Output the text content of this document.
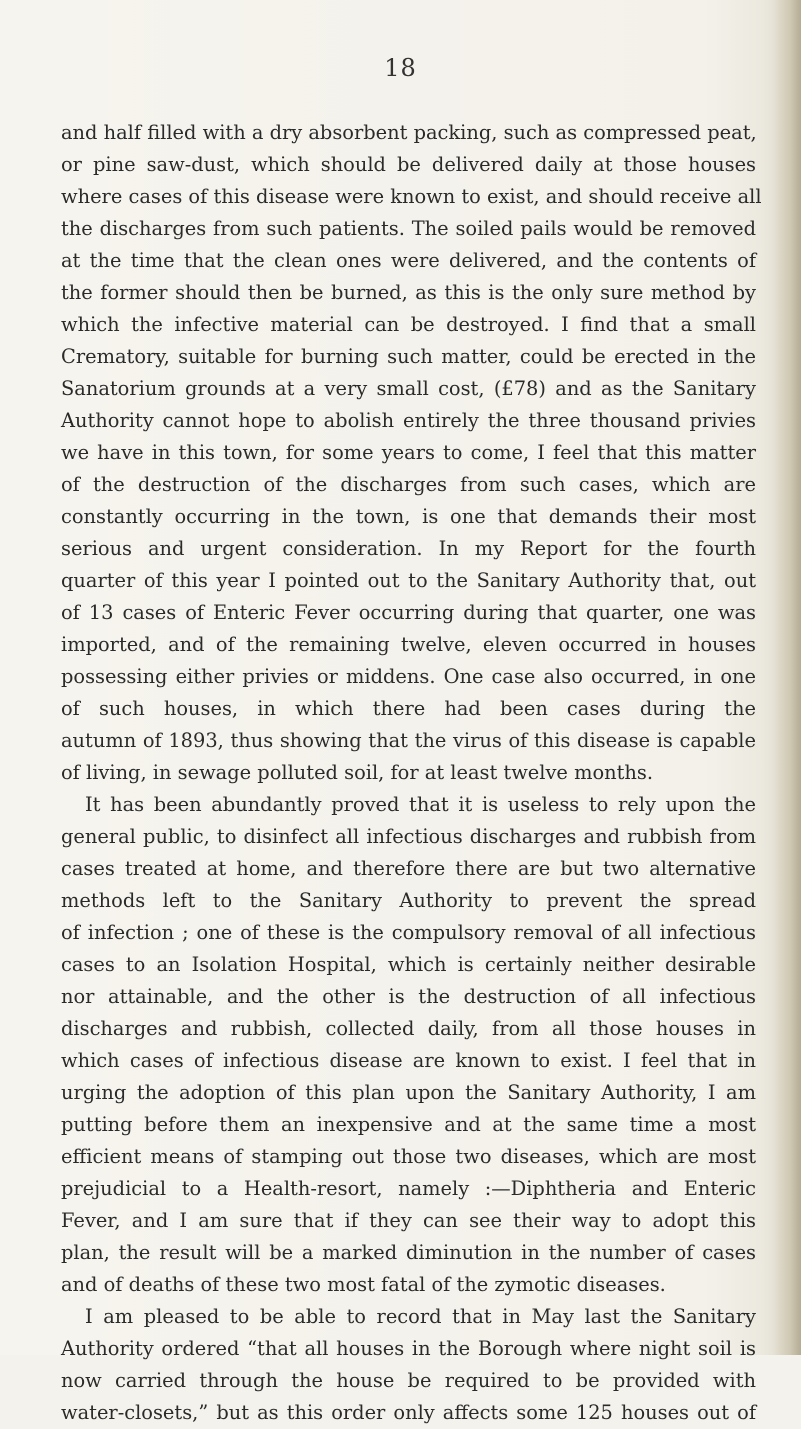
18
and half filled with a dry absorbent packing, such as compressed peat,
or pine saw-dust, which should be delivered daily at those houses
where cases of this disease were known to exist, and should receive all
the discharges from such patients. The soiled pails would be removed
at the time that the clean ones were delivered, and the contents of
the former should then be burned, as this is the only sure method by
which the infective material can be destroyed. I find that a small
Crematory, suitable for burning such matter, could be erected in the
Sanatorium grounds at a very small cost, (£78) and as the Sanitary
Authority cannot hope to abolish entirely the three thousand privies
we have in this town, for some years to come, I feel that this matter
of the destruction of the discharges from such cases, which are
constantly occurring in the town, is one that demands their most
serious and urgent consideration. In my Report for the fourth
quarter of this year I pointed out to the Sanitary Authority that, out
of 13 cases of Enteric Fever occurring during that quarter, one was
imported, and of the remaining twelve, eleven occurred in houses
possessing either privies or middens. One case also occurred, in one
of such houses, in which there had been cases during the
autumn of 1893, thus showing that the virus of this disease is capable
of living, in sewage polluted soil, for at least twelve months.
It has been abundantly proved that it is useless to rely upon the
general public, to disinfect all infectious discharges and rubbish from
cases treated at home, and therefore there are but two alternative
methods left to the Sanitary Authority to prevent the spread
of infection ; one of these is the compulsory removal of all infectious
cases to an Isolation Hospital, which is certainly neither desirable
nor attainable, and the other is the destruction of all infectious
discharges and rubbish, collected daily, from all those houses in
which cases of infectious disease are known to exist. I feel that in
urging the adoption of this plan upon the Sanitary Authority, I am
putting before them an inexpensive and at the same time a most
efficient means of stamping out those two diseases, which are most
prejudicial to a Health-resort, namely :—Diphtheria and Enteric
Fever, and I am sure that if they can see their way to adopt this
plan, the result will be a marked diminution in the number of cases
and of deaths of these two most fatal of the zymotic diseases.
I am pleased to be able to record that in May last the Sanitary
Authority ordered “that all houses in the Borough where night soil is
now carried through the house be required to be provided with
water-closets,” but as this order only affects some 125 houses out of
